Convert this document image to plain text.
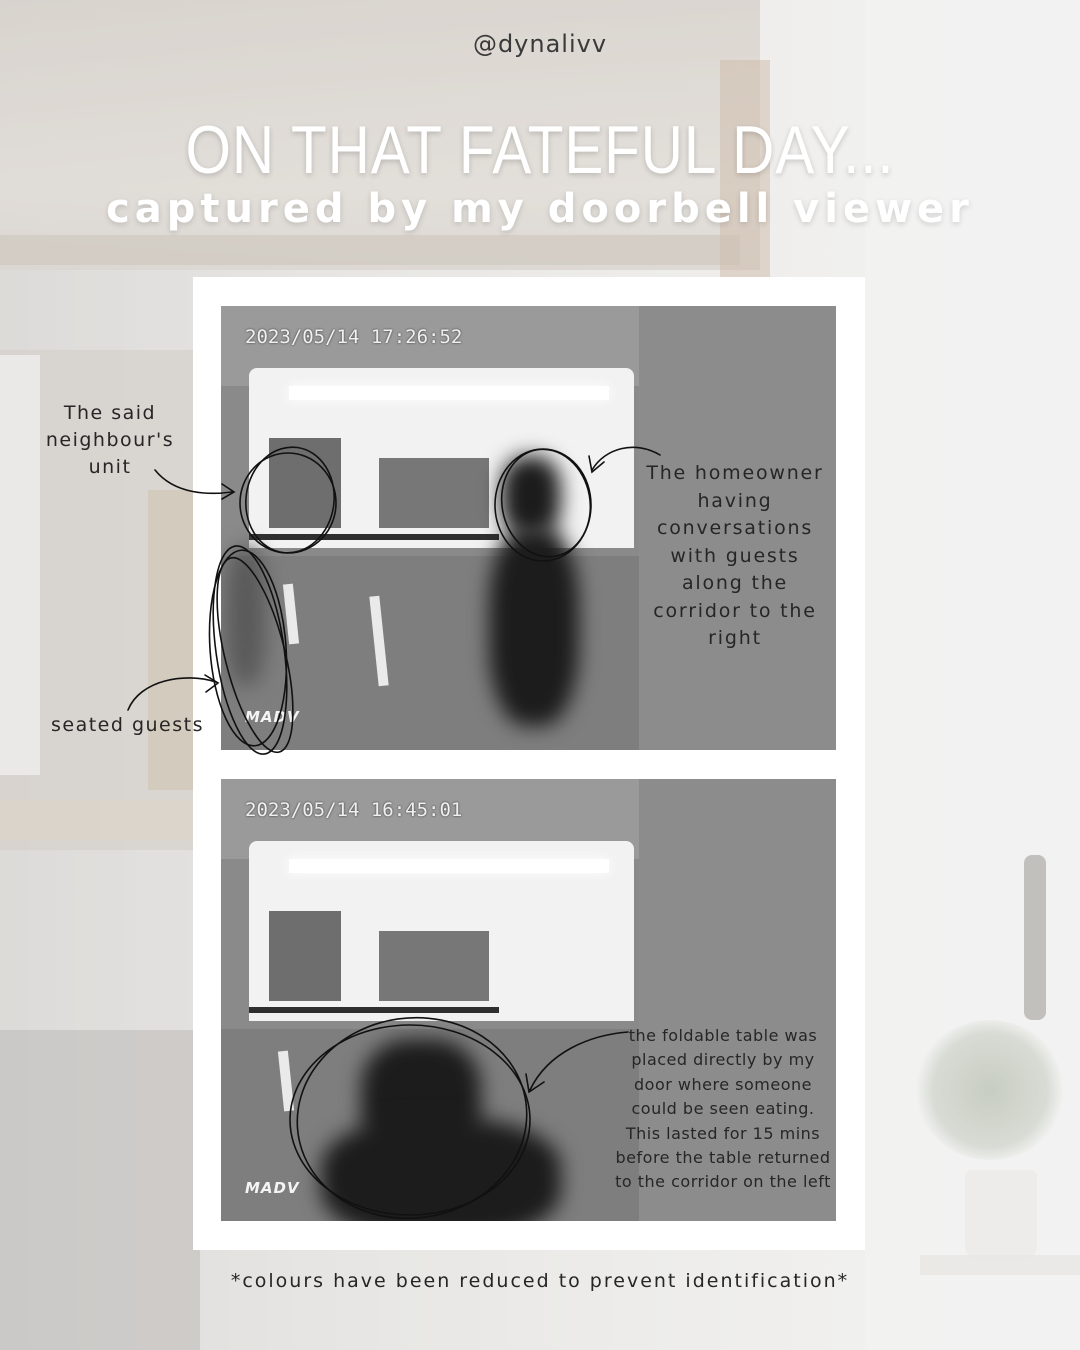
@dynalivv
ON THAT FATEFUL DAY...
captured by my doorbell viewer
2023/05/14 17:26:52
MADV
2023/05/14 16:45:01
MADV
The said neighbour's unit
seated guests
The homeowner having conversations with guests along the corridor to the right
the foldable table was placed directly by my door where someone could be seen eating. This lasted for 15 mins before the table returned to the corridor on the left
*colours have been reduced to prevent identification*
